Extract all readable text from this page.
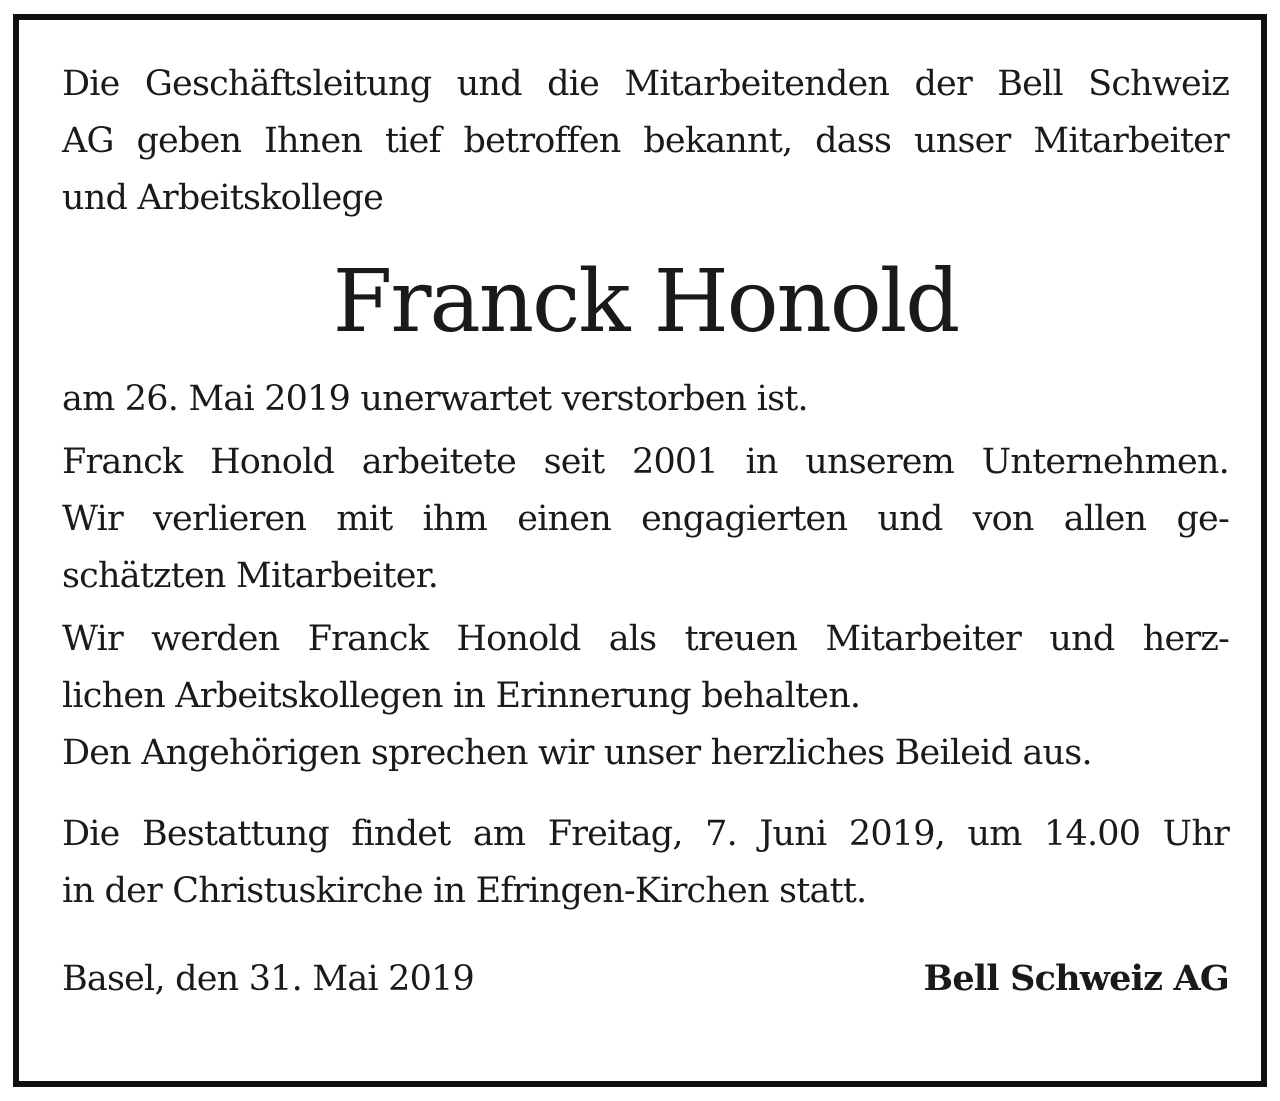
Die Geschäftsleitung und die Mitarbeitenden der Bell Schweiz
AG geben Ihnen tief betroffen bekannt, dass unser Mitarbeiter
und Arbeitskollege

Franck Honold

am 26. Mai 2019 unerwartet verstorben ist.

Franck Honold arbeitete seit 2001 in unserem Unternehmen.
Wir verlieren mit ihm einen engagierten und von allen ge-
schätzten Mitarbeiter.

Wir werden Franck Honold als treuen Mitarbeiter und herz-
lichen Arbeitskollegen in Erinnerung behalten.
Den Angehörigen sprechen wir unser herzliches Beileid aus.

Die Bestattung findet am Freitag, 7. Juni 2019, um 14.00 Uhr
in der Christuskirche in Efringen-Kirchen statt.

Basel, den 31. Mai 2019	Bell Schweiz AG
